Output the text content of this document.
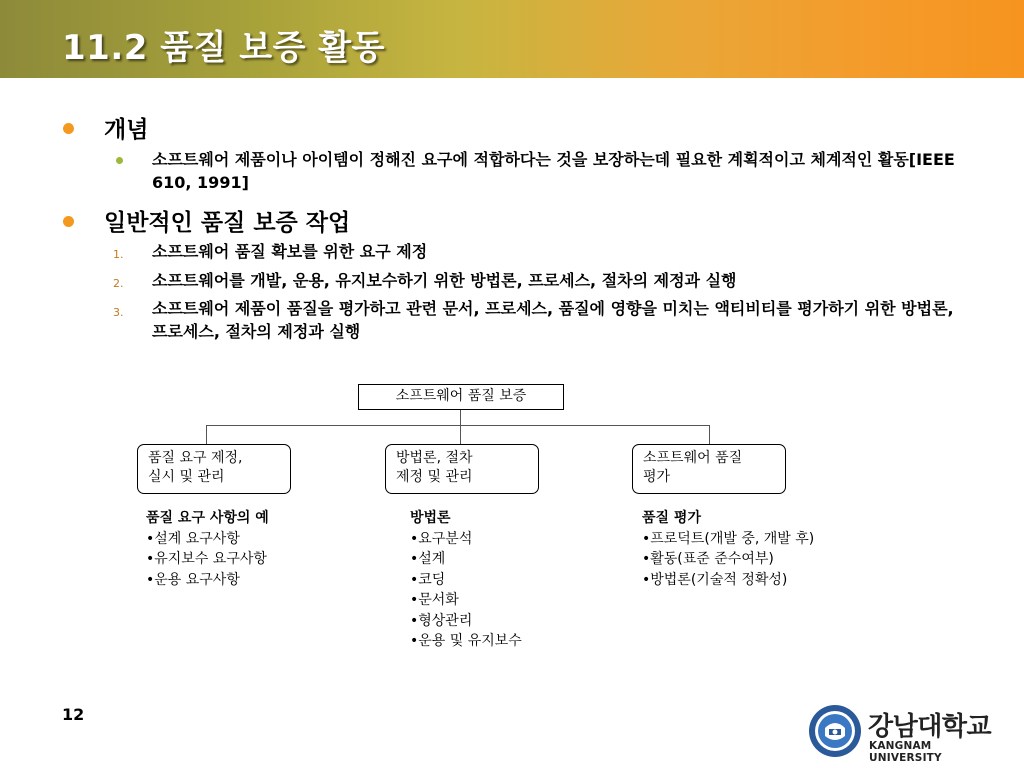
11.2 품질 보증 활동
개념
소프트웨어 제품이나 아이템이 정해진 요구에 적합하다는 것을 보장하는데 필요한 계획적이고 체계적인 활동[IEEE 610, 1991]
일반적인 품질 보증 작업
1. 소프트웨어 품질 확보를 위한 요구 제정
2. 소프트웨어를 개발, 운용, 유지보수하기 위한 방법론, 프로세스, 절차의 제정과 실행
3. 소프트웨어 제품이 품질을 평가하고 관련 문서, 프로세스, 품질에 영향을 미치는 액티비티를 평가하기 위한 방법론, 프로세스, 절차의 제정과 실행
소프트웨어 품질 보증
품질 요구 제정,
실시 및 관리
방법론, 절차
제정 및 관리
소프트웨어 품질
평가
품질 요구 사항의 예
•설계 요구사항
•유지보수 요구사항
•운용 요구사항
방법론
•요구분석
•설계
•코딩
•문서화
•형상관리
•운용 및 유지보수
품질 평가
•프로덕트(개발 중, 개발 후)
•활동(표준 준수여부)
•방법론(기술적 정확성)
12	강남대학교
KANGNAM UNIVERSITY
